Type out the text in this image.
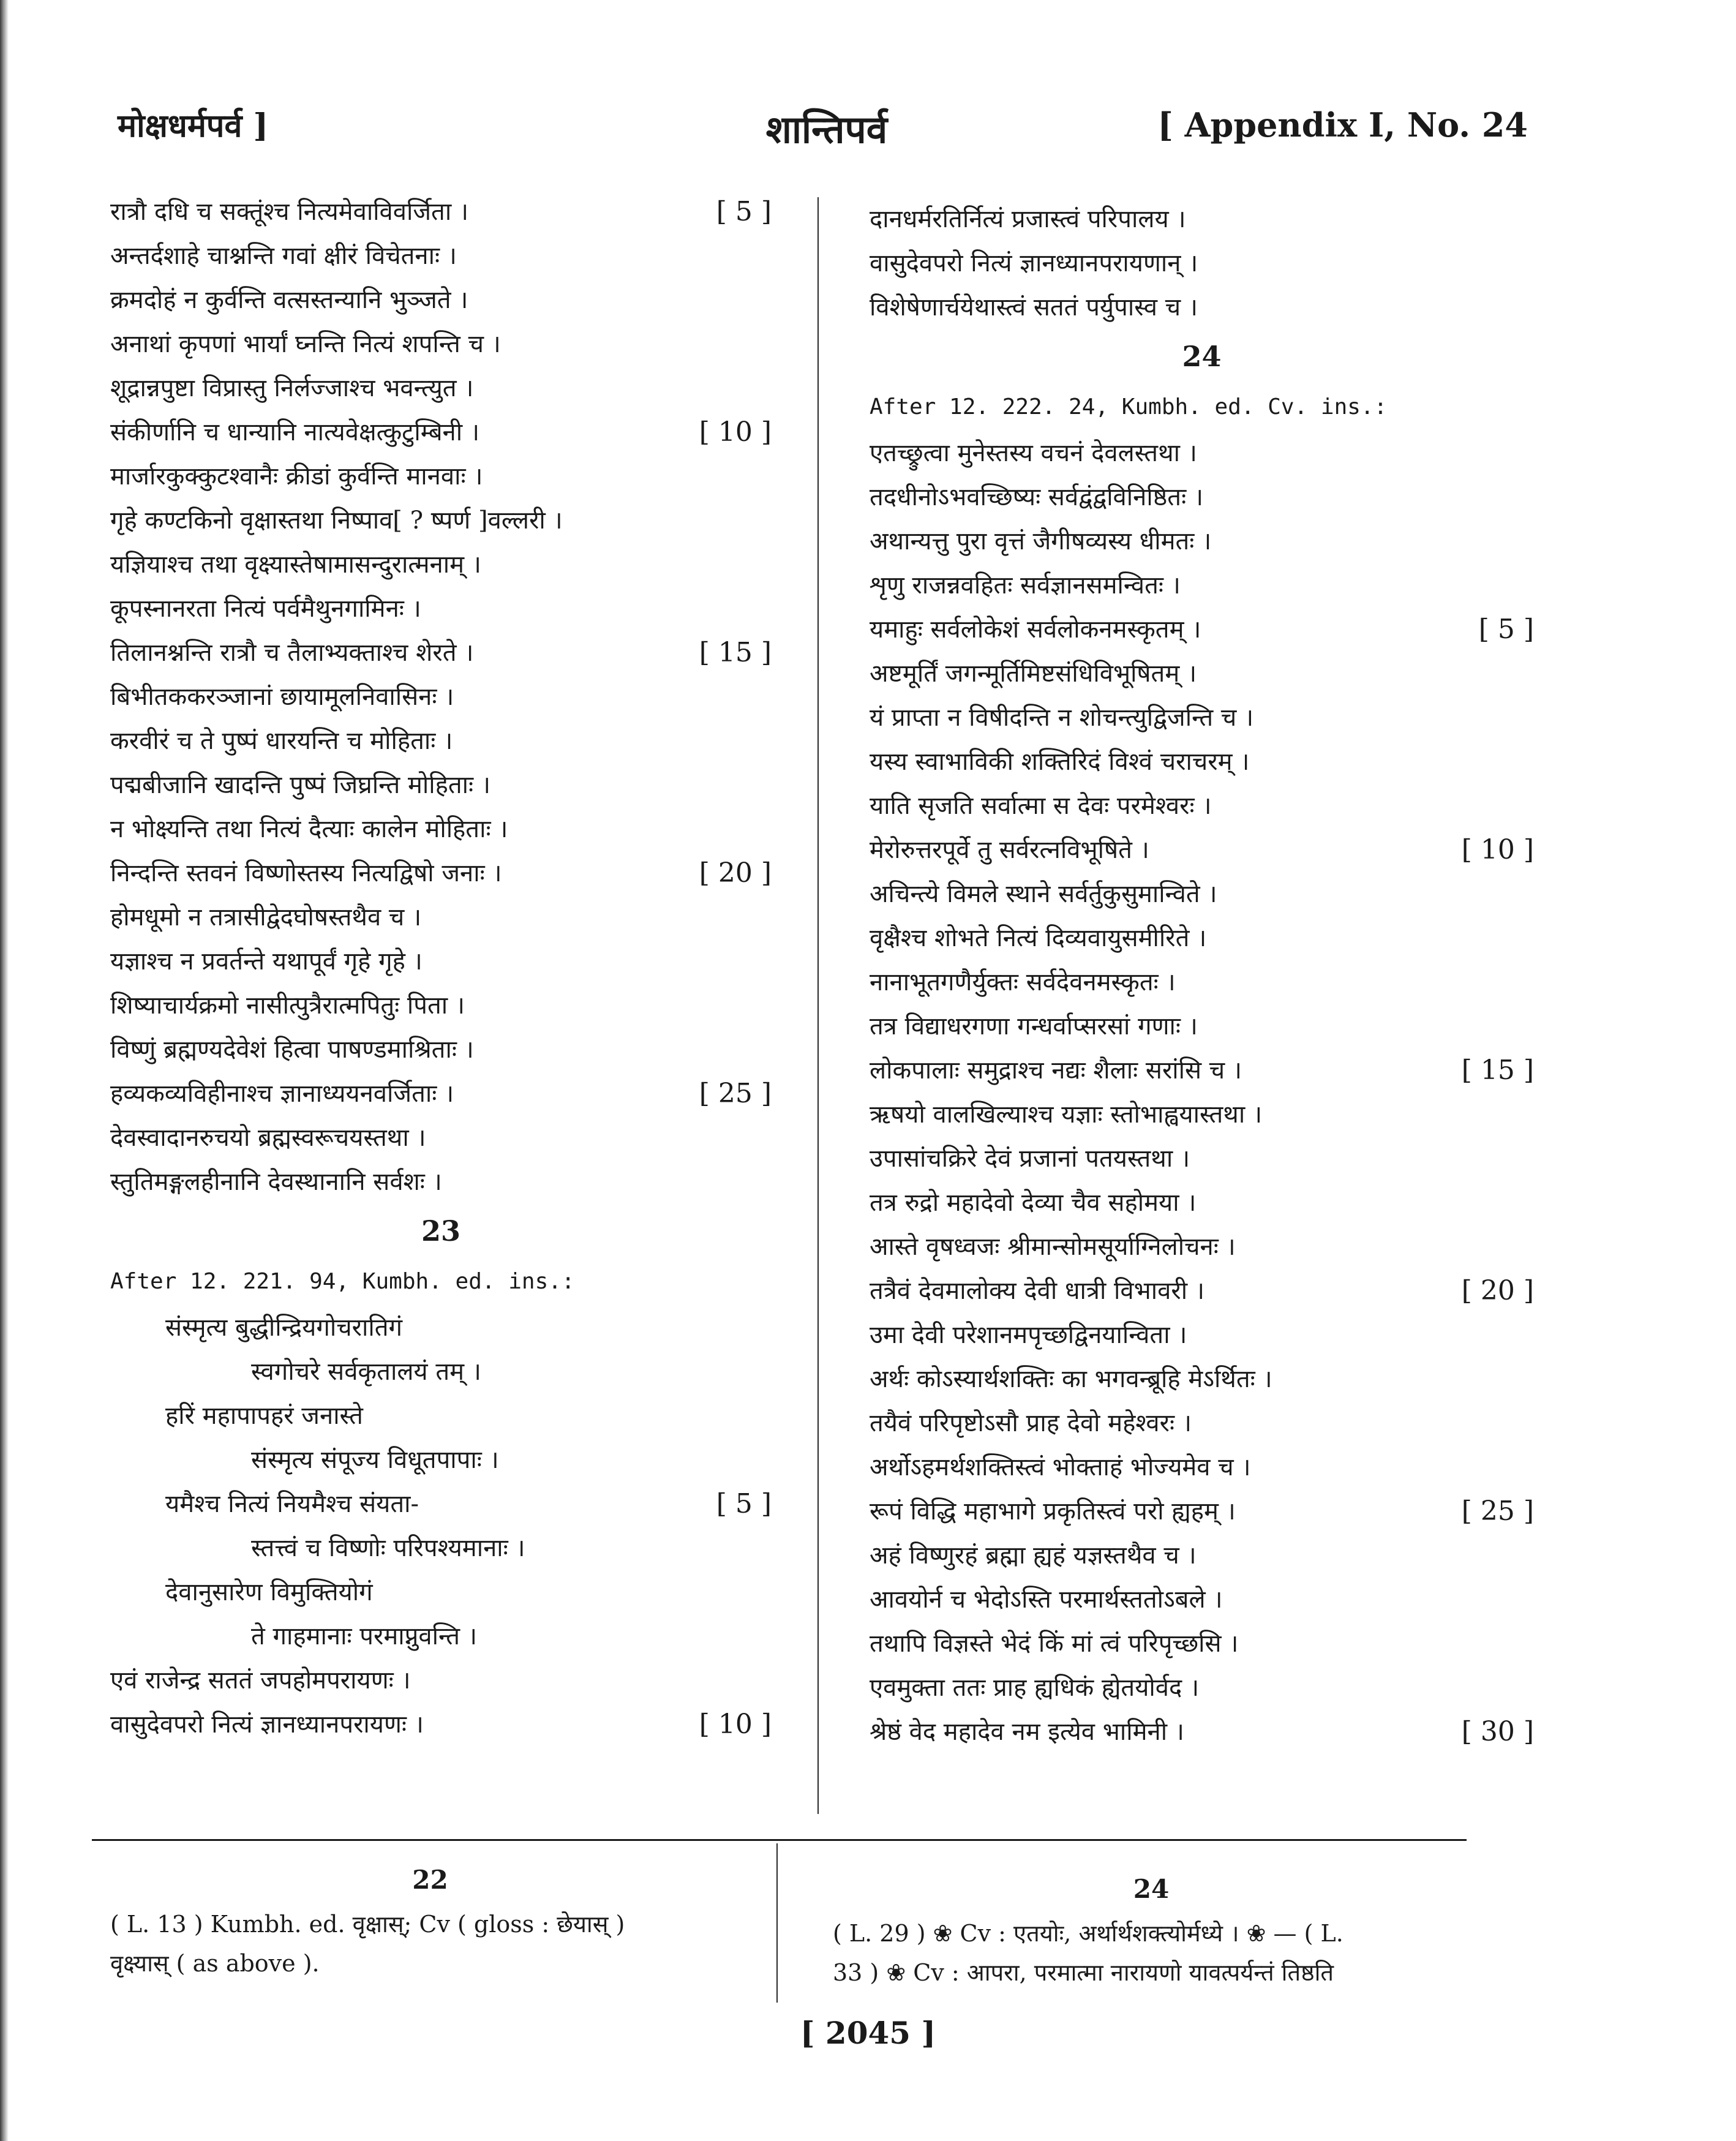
मोक्षधर्मपर्व ]	शान्तिपर्व	[ Appendix I, No. 24
रात्रौ दधि च सक्तूंश्च नित्यमेवाविवर्जिता ।	[ 5 ]
अन्तर्दशाहे चाश्नन्ति गवां क्षीरं विचेतनाः ।
क्रमदोहं न कुर्वन्ति वत्सस्तन्यानि भुञ्जते ।
अनाथां कृपणां भार्यां घ्नन्ति नित्यं शपन्ति च ।
शूद्रान्नपुष्टा विप्रास्तु निर्लज्जाश्च भवन्त्युत ।
संकीर्णानि च धान्यानि नात्यवेक्षत्कुटुम्बिनी ।	[ 10 ]
मार्जारकुक्कुटश्वानैः क्रीडां कुर्वन्ति मानवाः ।
गृहे कण्टकिनो वृक्षास्तथा निष्पाव[ ? ष्पर्ण ]वल्लरी ।
यज्ञियाश्च तथा वृक्ष्यास्तेषामासन्दुरात्मनाम् ।
कूपस्नानरता नित्यं पर्वमैथुनगामिनः ।
तिलानश्नन्ति रात्रौ च तैलाभ्यक्ताश्च शेरते ।	[ 15 ]
बिभीतककरञ्जानां छायामूलनिवासिनः ।
करवीरं च ते पुष्पं धारयन्ति च मोहिताः ।
पद्मबीजानि खादन्ति पुष्पं जिघ्रन्ति मोहिताः ।
न भोक्ष्यन्ति तथा नित्यं दैत्याः कालेन मोहिताः ।
निन्दन्ति स्तवनं विष्णोस्तस्य नित्यद्विषो जनाः ।	[ 20 ]
होमधूमो न तत्रासीद्वेदघोषस्तथैव च ।
यज्ञाश्च न प्रवर्तन्ते यथापूर्वं गृहे गृहे ।
शिष्याचार्यक्रमो नासीत्पुत्रैरात्मपितुः पिता ।
विष्णुं ब्रह्मण्यदेवेशं हित्वा पाषण्डमाश्रिताः ।
हव्यकव्यविहीनाश्च ज्ञानाध्ययनवर्जिताः ।	[ 25 ]
देवस्वादानरुचयो ब्रह्मस्वरूचयस्तथा ।
स्तुतिमङ्गलहीनानि देवस्थानानि सर्वशः ।
23
After 12. 221. 94, Kumbh. ed. ins.:
संस्मृत्य बुद्धीन्द्रियगोचरातिगं
स्वगोचरे सर्वकृतालयं तम् ।
हरिं महापापहरं जनास्ते
संस्मृत्य संपूज्य विधूतपापाः ।
यमैश्च नित्यं नियमैश्च संयता-	[ 5 ]
स्तत्त्वं च विष्णोः परिपश्यमानाः ।
देवानुसारेण विमुक्तियोगं
ते गाहमानाः परमाप्नुवन्ति ।
एवं राजेन्द्र सततं जपहोमपरायणः ।
वासुदेवपरो नित्यं ज्ञानध्यानपरायणः ।	[ 10 ]
दानधर्मरतिर्नित्यं प्रजास्त्वं परिपालय ।
वासुदेवपरो नित्यं ज्ञानध्यानपरायणान् ।
विशेषेणार्चयेथास्त्वं सततं पर्युपास्व च ।
24
After 12. 222. 24, Kumbh. ed. Cv. ins.:
एतच्छ्रुत्वा मुनेस्तस्य वचनं देवलस्तथा ।
तदधीनोऽभवच्छिष्यः सर्वद्वंद्वविनिष्ठितः ।
अथान्यत्तु पुरा वृत्तं जैगीषव्यस्य धीमतः ।
शृणु राजन्नवहितः सर्वज्ञानसमन्वितः ।
यमाहुः सर्वलोकेशं सर्वलोकनमस्कृतम् ।	[ 5 ]
अष्टमूर्तिं जगन्मूर्तिमिष्टसंधिविभूषितम् ।
यं प्राप्ता न विषीदन्ति न शोचन्त्युद्विजन्ति च ।
यस्य स्वाभाविकी शक्तिरिदं विश्वं चराचरम् ।
याति सृजति सर्वात्मा स देवः परमेश्वरः ।
मेरोरुत्तरपूर्वे तु सर्वरत्नविभूषिते ।	[ 10 ]
अचिन्त्ये विमले स्थाने सर्वर्तुकुसुमान्विते ।
वृक्षैश्च शोभते नित्यं दिव्यवायुसमीरिते ।
नानाभूतगणैर्युक्तः सर्वदेवनमस्कृतः ।
तत्र विद्याधरगणा गन्धर्वाप्सरसां गणाः ।
लोकपालाः समुद्राश्च नद्यः शैलाः सरांसि च ।	[ 15 ]
ऋषयो वालखिल्याश्च यज्ञाः स्तोभाह्वयास्तथा ।
उपासांचक्रिरे देवं प्रजानां पतयस्तथा ।
तत्र रुद्रो महादेवो देव्या चैव सहोमया ।
आस्ते वृषध्वजः श्रीमान्सोमसूर्याग्निलोचनः ।
तत्रैवं देवमालोक्य देवी धात्री विभावरी ।	[ 20 ]
उमा देवी परेशानमपृच्छद्विनयान्विता ।
अर्थः कोऽस्यार्थशक्तिः का भगवन्ब्रूहि मेऽर्थितः ।
तयैवं परिपृष्टोऽसौ प्राह देवो महेश्वरः ।
अर्थोऽहमर्थशक्तिस्त्वं भोक्ताहं भोज्यमेव च ।
रूपं विद्धि महाभागे प्रकृतिस्त्वं परो ह्यहम् ।	[ 25 ]
अहं विष्णुरहं ब्रह्मा ह्यहं यज्ञस्तथैव च ।
आवयोर्न च भेदोऽस्ति परमार्थस्ततोऽबले ।
तथापि विज्ञस्ते भेदं किं मां त्वं परिपृच्छसि ।
एवमुक्ता ततः प्राह ह्यधिकं ह्येतयोर्वद ।
श्रेष्ठं वेद महादेव नम इत्येव भामिनी ।	[ 30 ]
22
( L. 13 ) Kumbh. ed. वृक्षास्; Cv ( gloss : छेयास् )
वृक्ष्यास् ( as above ).
24
( L. 29 ) ❀ Cv : एतयोः, अर्थार्थशक्त्योर्मध्ये । ❀ — ( L.
33 ) ❀ Cv : आपरा, परमात्मा नारायणो यावत्पर्यन्तं तिष्ठति
[ 2045 ]
